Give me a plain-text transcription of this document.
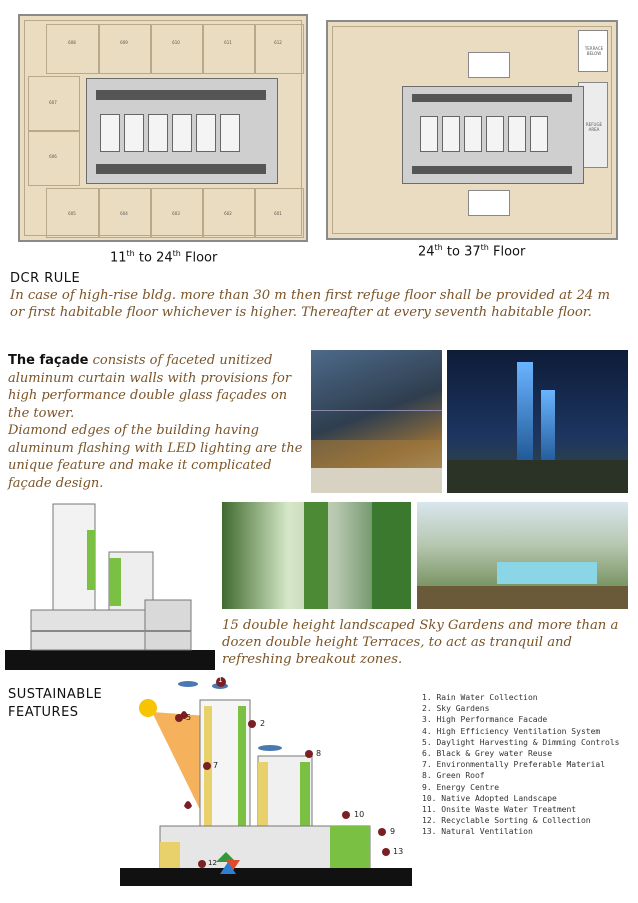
608	609	610	611	612
607
606
605	604	603	602	601
TERRACE BELOW
REFUGE AREA
11th to 24th Floor	24th to 37th Floor
DCR RULE
In case of high-rise bldg. more than 30 m then first refuge floor shall be provided at 24 m or first habitable floor whichever is higher. Thereafter at every seventh habitable floor.
The façade consists of faceted unitized aluminum curtain walls with provisions for high performance double glass façades on the tower.
Diamond edges of the building having aluminum flashing with LED lighting are the unique feature and make it complicated façade design.
15 double height landscaped Sky Gardens and more than a dozen double height Terraces, to act as tranquil and refreshing breakout zones.
SUSTAINABLE
FEATURES
1
2
5
7
8
10
9
13
12
1. Rain Water Collection
2. Sky Gardens
3. High Performance Facade
4. High Efficiency Ventilation System
5. Daylight Harvesting & Dimming Controls
6. Black & Grey water Reuse
7. Environmentally Preferable Material
8. Green Roof
9. Energy Centre
10. Native Adopted Landscape
11. Onsite Waste Water Treatment
12. Recyclable Sorting & Collection
13. Natural Ventilation
